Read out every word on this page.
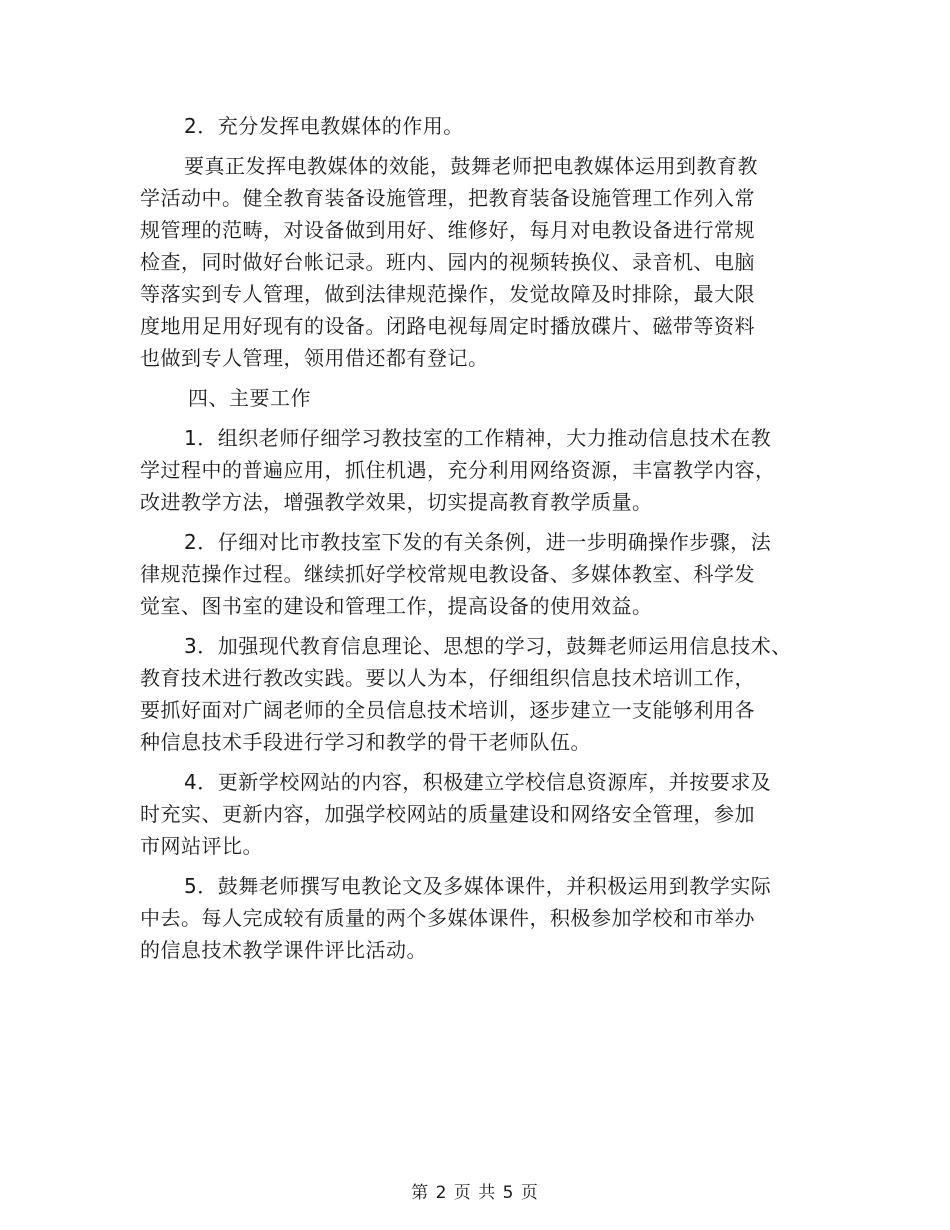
2．充分发挥电教媒体的作用。
要真正发挥电教媒体的效能，鼓舞老师把电教媒体运用到教育教
学活动中。健全教育装备设施管理，把教育装备设施管理工作列入常
规管理的范畴，对设备做到用好、维修好，每月对电教设备进行常规
检查，同时做好台帐记录。班内、园内的视频转换仪、录音机、电脑
等落实到专人管理，做到法律规范操作，发觉故障及时排除，最大限
度地用足用好现有的设备。闭路电视每周定时播放碟片、磁带等资料
也做到专人管理，领用借还都有登记。
四、主要工作
1．组织老师仔细学习教技室的工作精神，大力推动信息技术在教
学过程中的普遍应用，抓住机遇，充分利用网络资源，丰富教学内容，
改进教学方法，增强教学效果，切实提高教育教学质量。
2．仔细对比市教技室下发的有关条例，进一步明确操作步骤，法
律规范操作过程。继续抓好学校常规电教设备、多媒体教室、科学发
觉室、图书室的建设和管理工作，提高设备的使用效益。
3．加强现代教育信息理论、思想的学习，鼓舞老师运用信息技术、
教育技术进行教改实践。要以人为本，仔细组织信息技术培训工作，
要抓好面对广阔老师的全员信息技术培训，逐步建立一支能够利用各
种信息技术手段进行学习和教学的骨干老师队伍。
4．更新学校网站的内容，积极建立学校信息资源库，并按要求及
时充实、更新内容，加强学校网站的质量建设和网络安全管理，参加
市网站评比。
5．鼓舞老师撰写电教论文及多媒体课件，并积极运用到教学实际
中去。每人完成较有质量的两个多媒体课件，积极参加学校和市举办
的信息技术教学课件评比活动。
第 2 页 共 5 页
